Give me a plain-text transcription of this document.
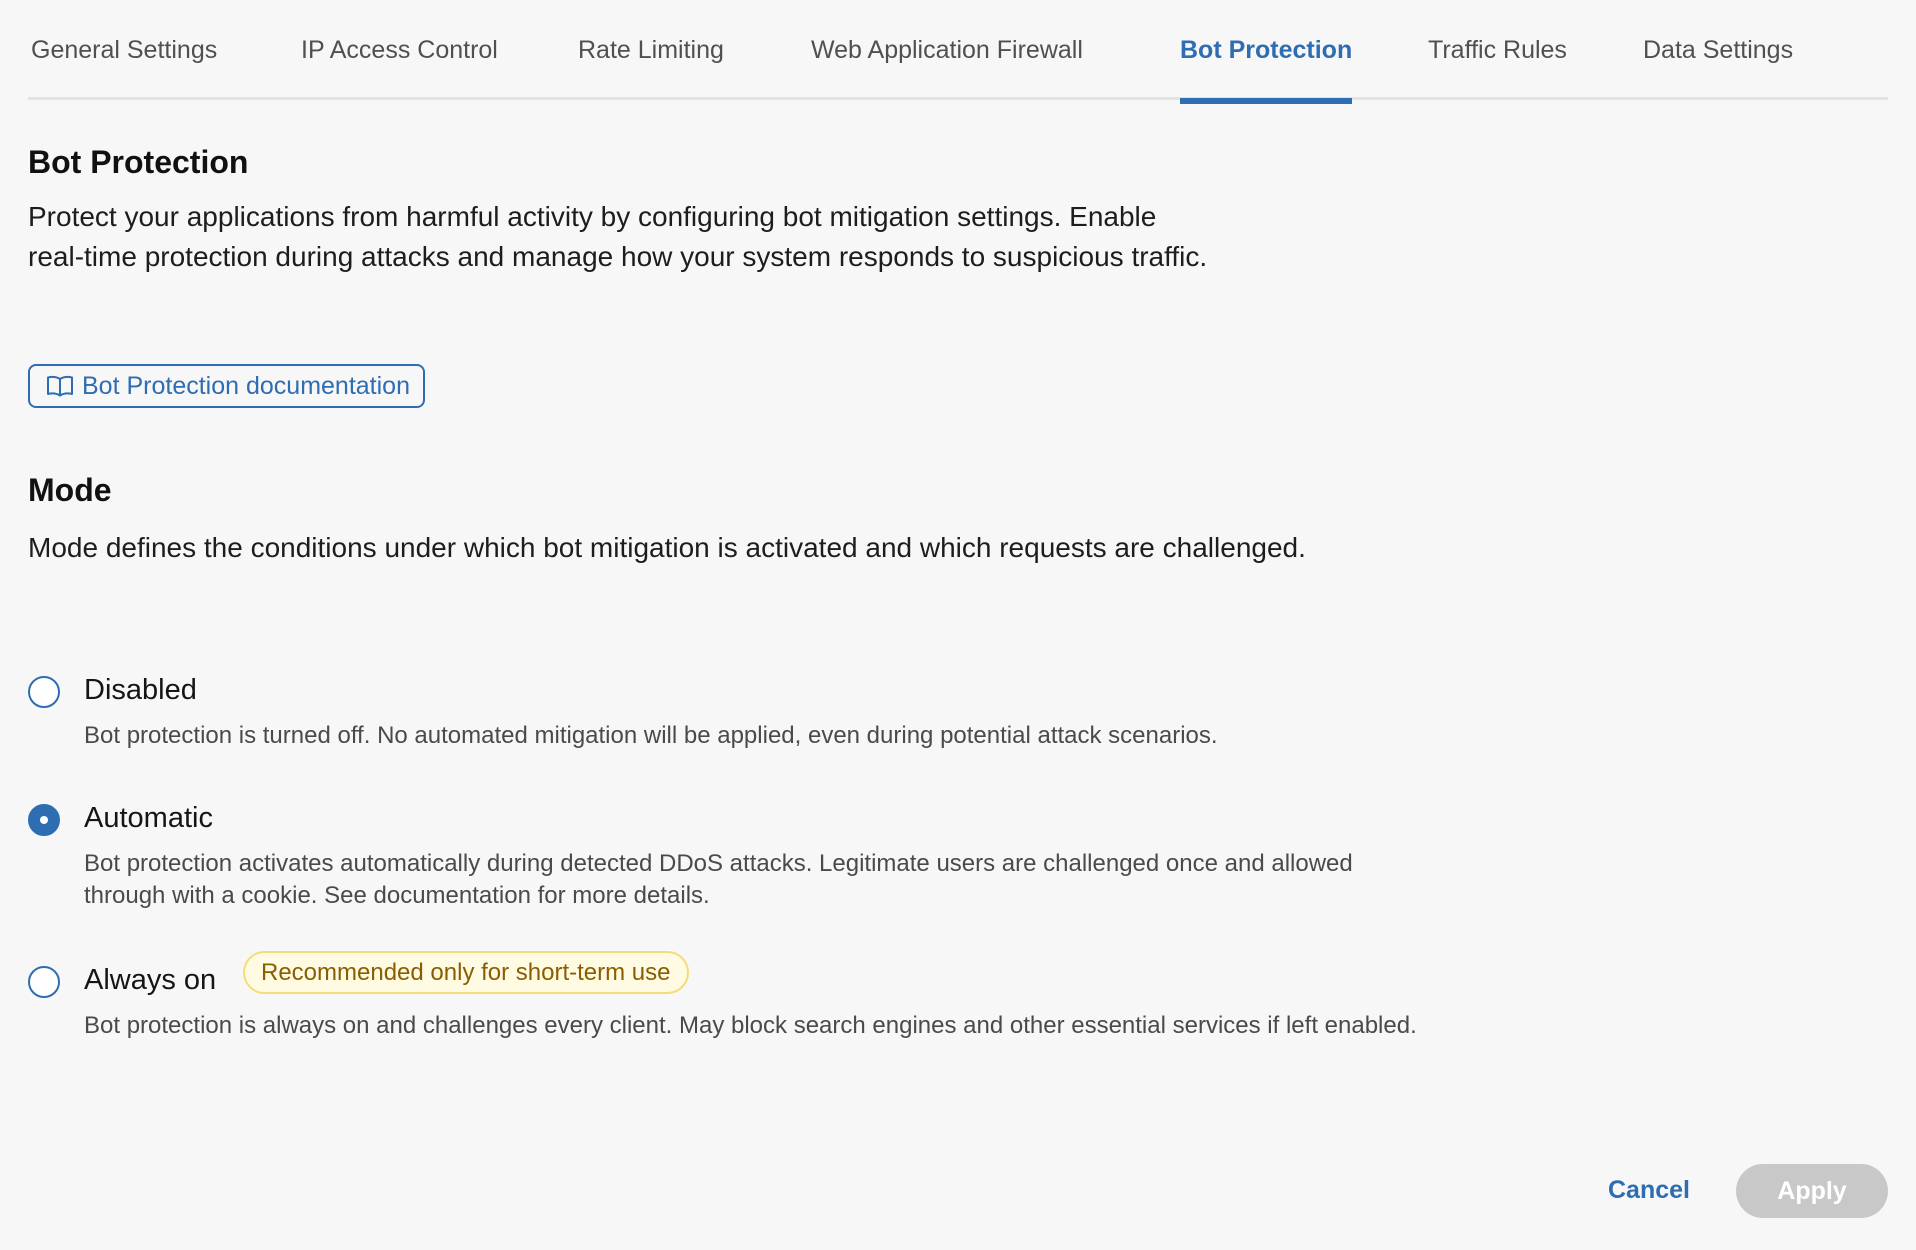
General Settings	IP Access Control	Rate Limiting	Web Application Firewall	Bot Protection	Traffic Rules	Data Settings
Bot Protection

Protect your applications from harmful activity by configuring bot mitigation settings. Enable real-time protection during attacks and manage how your system responds to suspicious traffic.

Bot Protection documentation
Mode

Mode defines the conditions under which bot mitigation is activated and which requests are challenged.

Disabled
Bot protection is turned off. No automated mitigation will be applied, even during potential attack scenarios.
Automatic
Bot protection activates automatically during detected DDoS attacks. Legitimate users are challenged once and allowed through with a cookie. See documentation for more details.
Always on	Recommended only for short-term use
Bot protection is always on and challenges every client. May block search engines and other essential services if left enabled.
Cancel	Apply
